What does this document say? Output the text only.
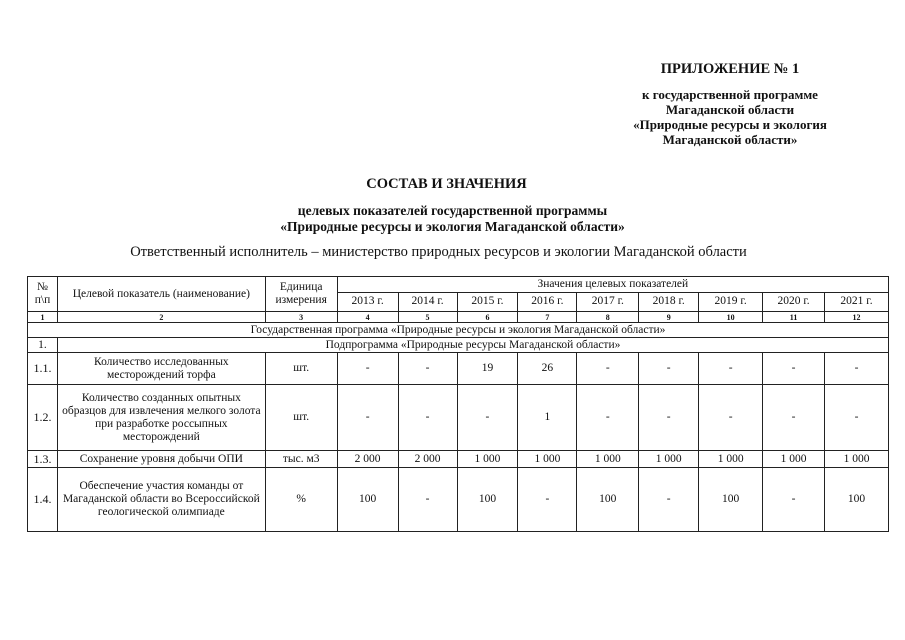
ПРИЛОЖЕНИЕ № 1
к государственной программе
Магаданской области
«Природные ресурсы и экология
Магаданской области»
СОСТАВ И ЗНАЧЕНИЯ
целевых показателей государственной программы
«Природные ресурсы и экология Магаданской области»
Ответственный исполнитель – министерство природных ресурсов и экологии Магаданской области
№ п\п	Целевой показатель (наименование)	Единица измерения	Значения целевых показателей								
			2013 г.	2014 г.	2015 г.	2016 г.	2017 г.	2018 г.	2019 г.	2020 г.	2021 г.
1	2	3	4	5	6	7	8	9	10	11	12
Государственная программа «Природные ресурсы и экология Магаданской области»											
1.	Подпрограмма «Природные ресурсы Магаданской области»										
1.1.	Количество исследованных месторождений торфа	шт.	-	-	19	26	-	-	-	-	-
1.2.	Количество созданных опытных образцов для извлечения мелкого золота при разработке россыпных месторождений	шт.	-	-	-	1	-	-	-	-	-
1.3.	Сохранение уровня добычи ОПИ	тыс. м3	2 000	2 000	1 000	1 000	1 000	1 000	1 000	1 000	1 000
1.4.	Обеспечение участия команды от Магаданской области во Всероссийской геологической олимпиаде	%	100	-	100	-	100	-	100	-	100
